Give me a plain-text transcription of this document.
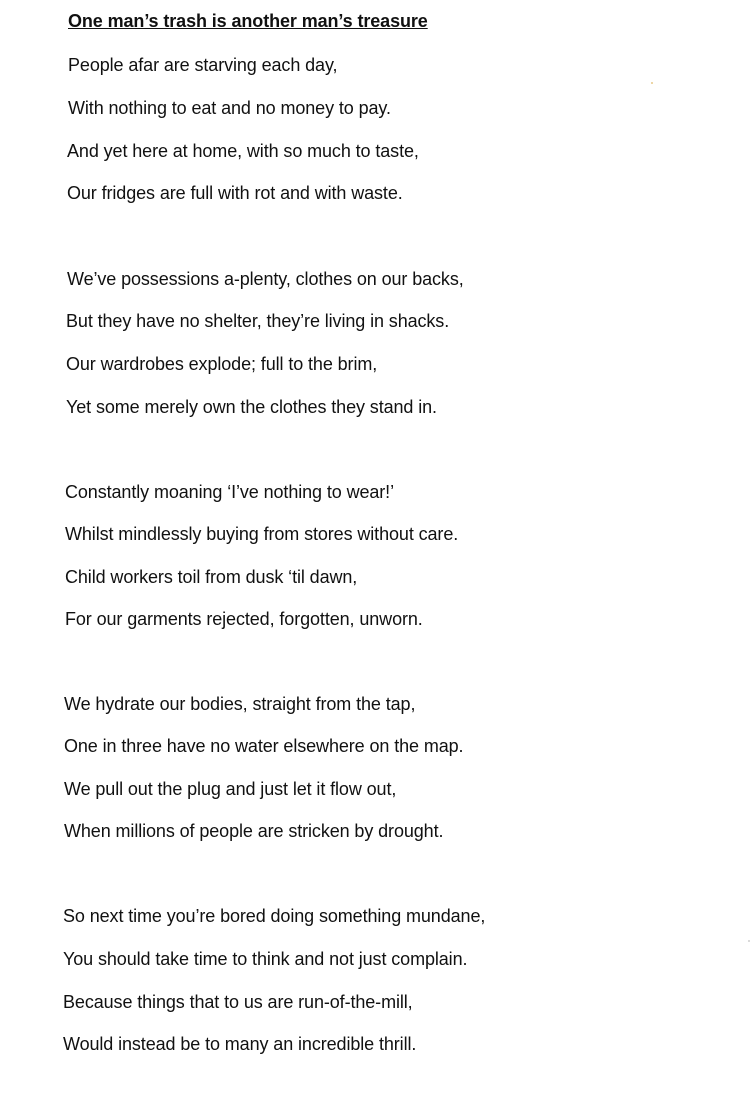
One man’s trash is another man’s treasure
People afar are starving each day,
With nothing to eat and no money to pay.
And yet here at home, with so much to taste,
Our fridges are full with rot and with waste.
We’ve possessions a-plenty, clothes on our backs,
But they have no shelter, they’re living in shacks.
Our wardrobes explode; full to the brim,
Yet some merely own the clothes they stand in.
Constantly moaning ‘I’ve nothing to wear!’
Whilst mindlessly buying from stores without care.
Child workers toil from dusk ‘til dawn,
For our garments rejected, forgotten, unworn.
We hydrate our bodies, straight from the tap,
One in three have no water elsewhere on the map.
We pull out the plug and just let it flow out,
When millions of people are stricken by drought.
So next time you’re bored doing something mundane,
You should take time to think and not just complain.
Because things that to us are run-of-the-mill,
Would instead be to many an incredible thrill.
